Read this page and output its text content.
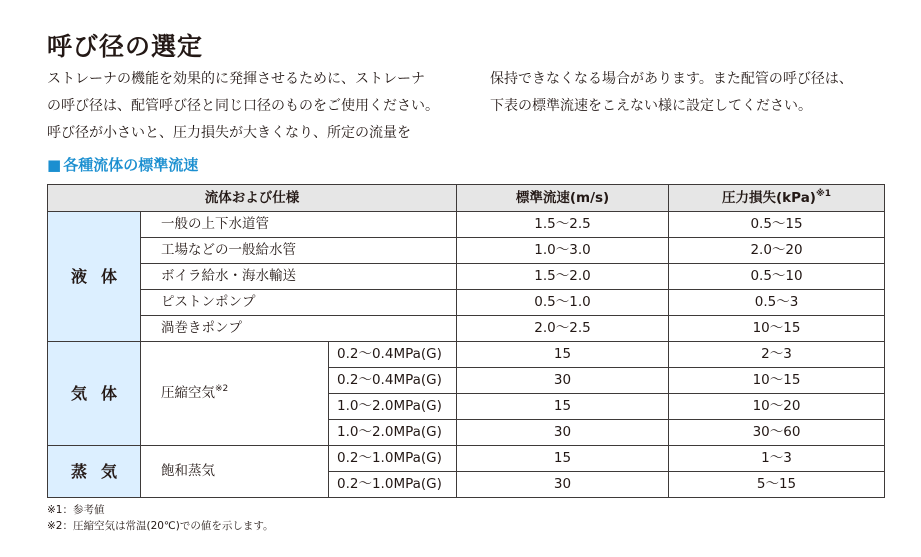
呼び径の選定

ストレーナの機能を効果的に発揮させるために、ストレーナ

の呼び径は、配管呼び径と同じ口径のものをご使用ください。

呼び径が小さいと、圧力損失が大きくなり、所定の流量を

保持できなくなる場合があります。また配管の呼び径は、

下表の標準流速をこえない様に設定してください。

■ 各種流体の標準流速
流体および仕様			標準流速(m/s)	圧力損失(kPa)$^{※1}$
液体	一般の上下水道管		1.5〜2.5	0.5〜15
	工場などの一般給水管		1.0〜3.0	2.0〜20
	ボイラ給水・海水輸送		1.5〜2.0	0.5〜10
	ピストンポンプ		0.5〜1.0	0.5〜3
	渦巻きポンプ		2.0〜2.5	10〜15
気体	圧縮空気$^{※2}$	0.2〜0.4MPa(G)	15	2〜3
		0.2〜0.4MPa(G)	30	10〜15
		1.0〜2.0MPa(G)	15	10〜20
		1.0〜2.0MPa(G)	30	30〜60
蒸気	飽和蒸気	0.2〜1.0MPa(G)	15	1〜3
		0.2〜1.0MPa(G)	30	5〜15

※1：参考値

※2：圧縮空気は常温(20℃)での値を示します。
